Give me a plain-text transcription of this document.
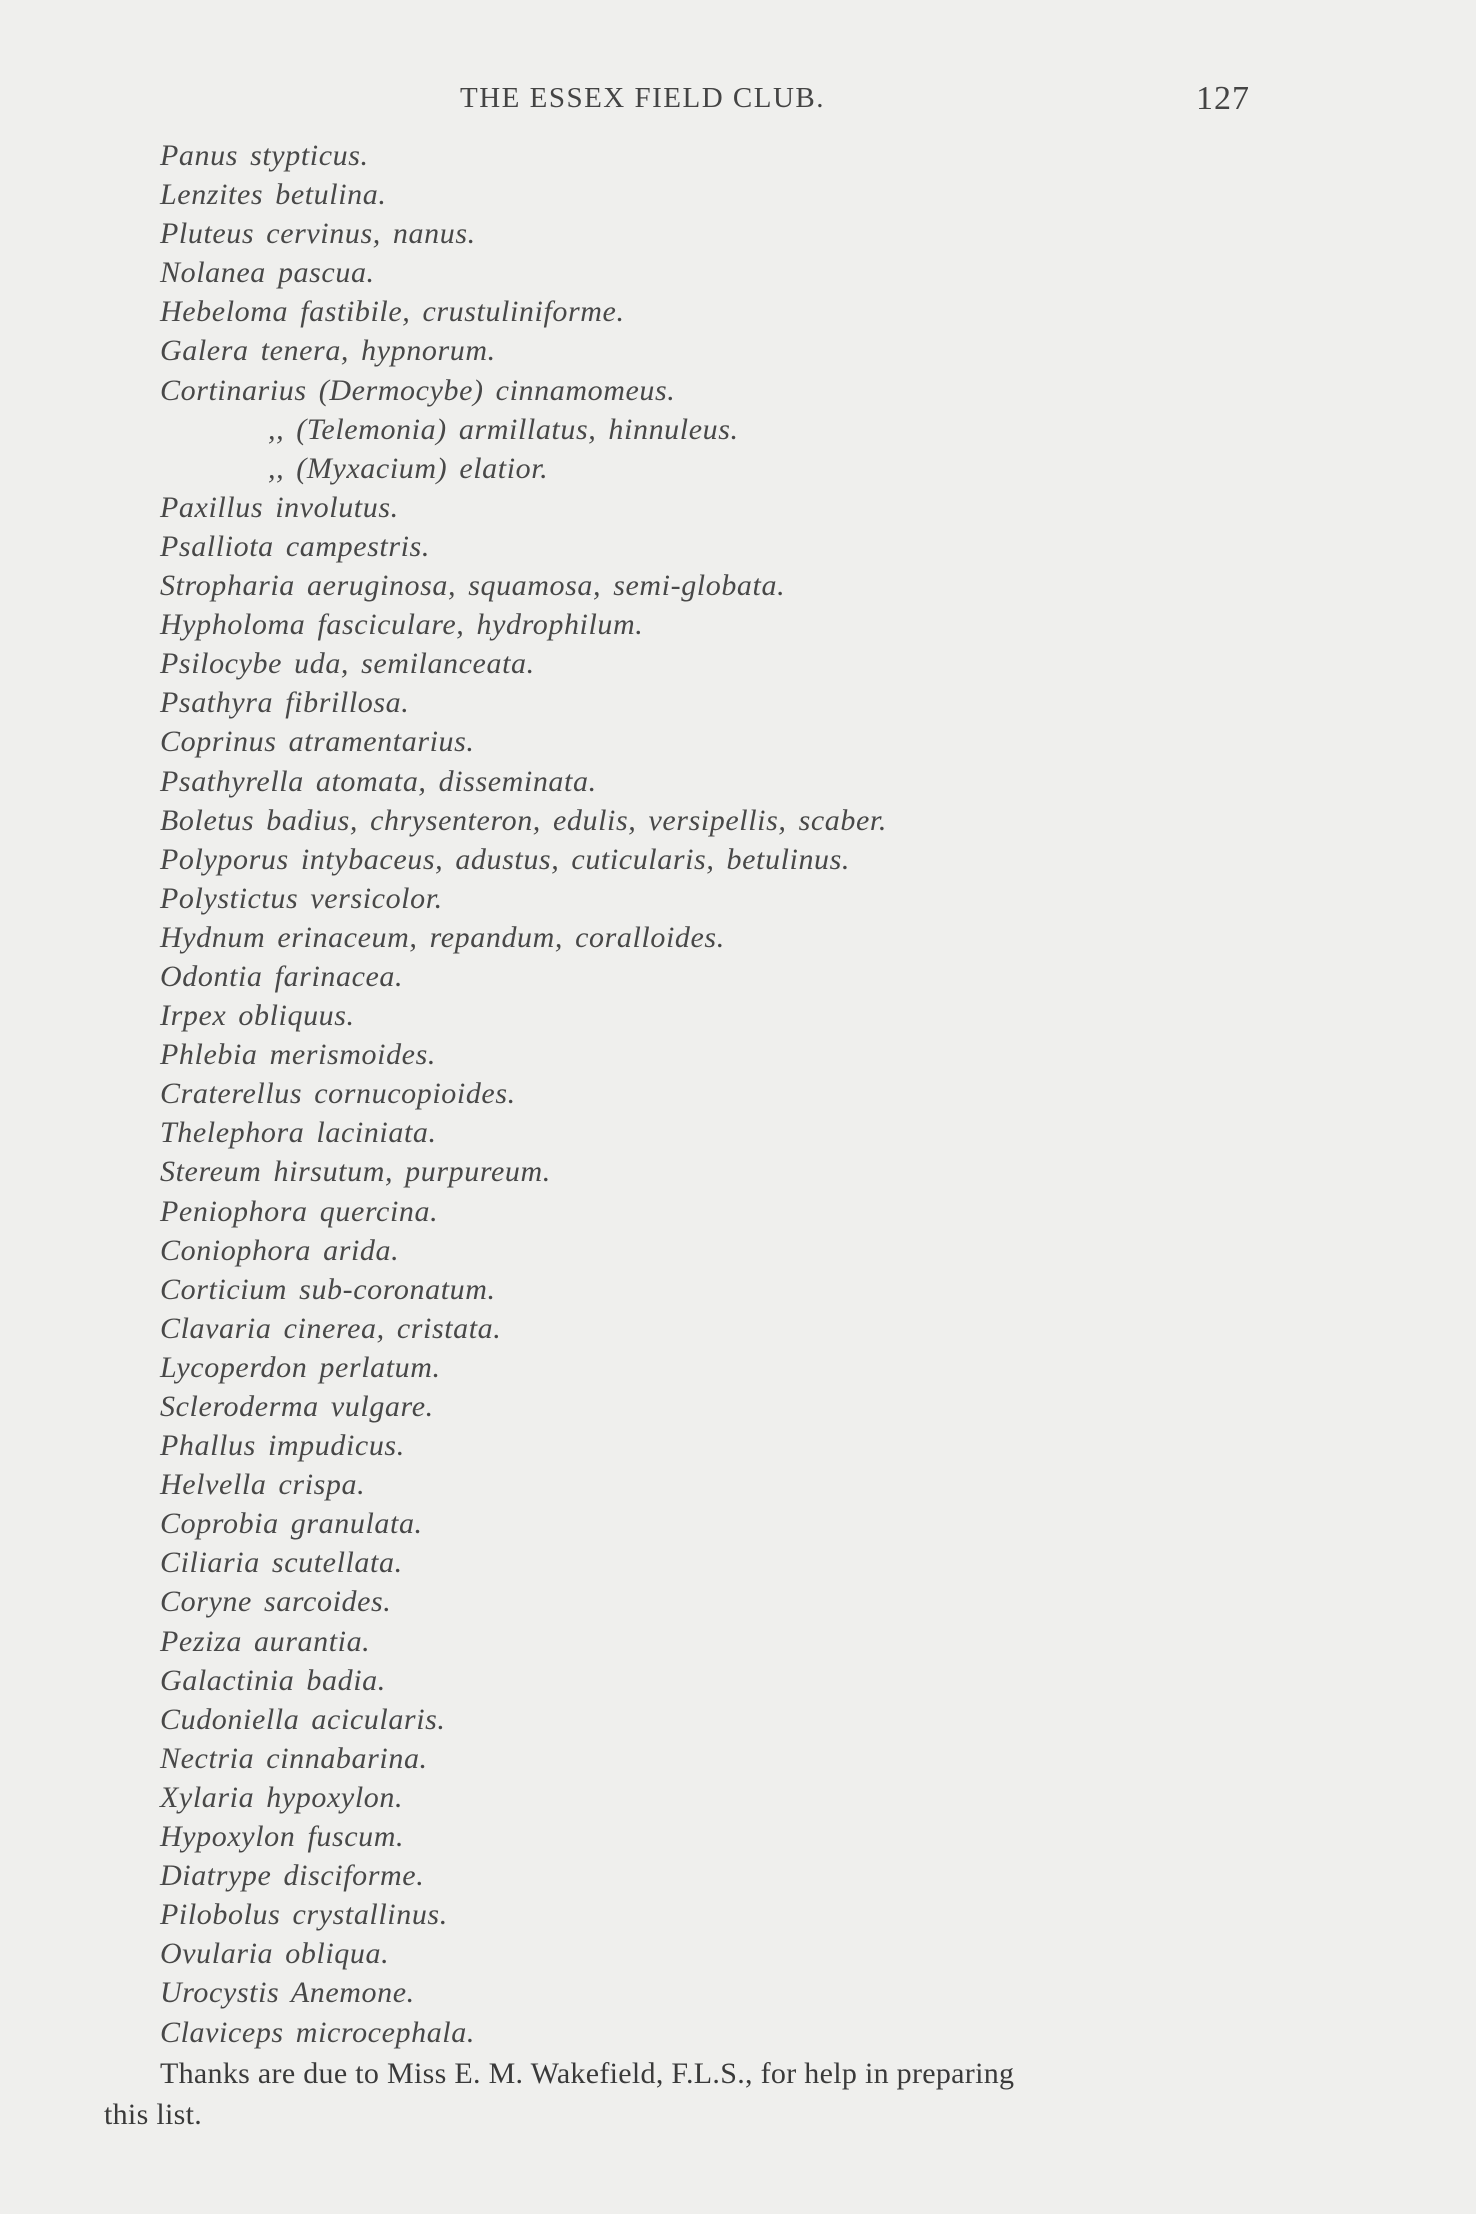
THE ESSEX FIELD CLUB.	127
Panus stypticus.
Lenzites betulina.
Pluteus cervinus, nanus.
Nolanea pascua.
Hebeloma fastibile, crustuliniforme.
Galera tenera, hypnorum.
Cortinarius (Dermocybe) cinnamomeus.
,, (Telemonia) armillatus, hinnuleus.
,, (Myxacium) elatior.
Paxillus involutus.
Psalliota campestris.
Stropharia aeruginosa, squamosa, semi-globata.
Hypholoma fasciculare, hydrophilum.
Psilocybe uda, semilanceata.
Psathyra fibrillosa.
Coprinus atramentarius.
Psathyrella atomata, disseminata.
Boletus badius, chrysenteron, edulis, versipellis, scaber.
Polyporus intybaceus, adustus, cuticularis, betulinus.
Polystictus versicolor.
Hydnum erinaceum, repandum, coralloides.
Odontia farinacea.
Irpex obliquus.
Phlebia merismoides.
Craterellus cornucopioides.
Thelephora laciniata.
Stereum hirsutum, purpureum.
Peniophora quercina.
Coniophora arida.
Corticium sub-coronatum.
Clavaria cinerea, cristata.
Lycoperdon perlatum.
Scleroderma vulgare.
Phallus impudicus.
Helvella crispa.
Coprobia granulata.
Ciliaria scutellata.
Coryne sarcoides.
Peziza aurantia.
Galactinia badia.
Cudoniella acicularis.
Nectria cinnabarina.
Xylaria hypoxylon.
Hypoxylon fuscum.
Diatrype disciforme.
Pilobolus crystallinus.
Ovularia obliqua.
Urocystis Anemone.
Claviceps microcephala.

Thanks are due to Miss E. M. Wakefield, F.L.S., for help in preparing
this list.
